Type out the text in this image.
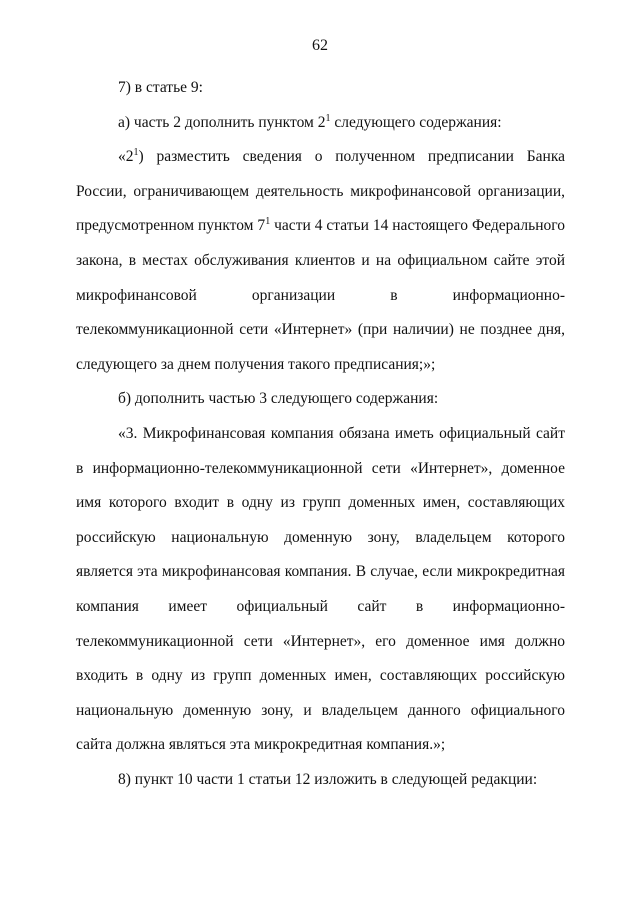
62

7) в статье 9:

а) часть 2 дополнить пунктом $2^1$ следующего содержания:

«$2^1$) разместить сведения о полученном предписании Банка России, ограничивающем деятельность микрофинансовой организации, предусмотренном пунктом $7^1$ части 4 статьи 14 настоящего Федерального закона, в местах обслуживания клиентов и на официальном сайте этой микрофинансовой организации в информационно-телекоммуникационной сети «Интернет» (при наличии) не позднее дня, следующего за днем получения такого предписания;»;

б) дополнить частью 3 следующего содержания:

«3. Микрофинансовая компания обязана иметь официальный сайт в информационно-телекоммуникационной сети «Интернет», доменное имя которого входит в одну из групп доменных имен, составляющих российскую национальную доменную зону, владельцем которого является эта микрофинансовая компания. В случае, если микрокредитная компания имеет официальный сайт в информационно-телекоммуникационной сети «Интернет», его доменное имя должно входить в одну из групп доменных имен, составляющих российскую национальную доменную зону, и владельцем данного официального сайта должна являться эта микрокредитная компания.»;

8) пункт 10 части 1 статьи 12 изложить в следующей редакции:
